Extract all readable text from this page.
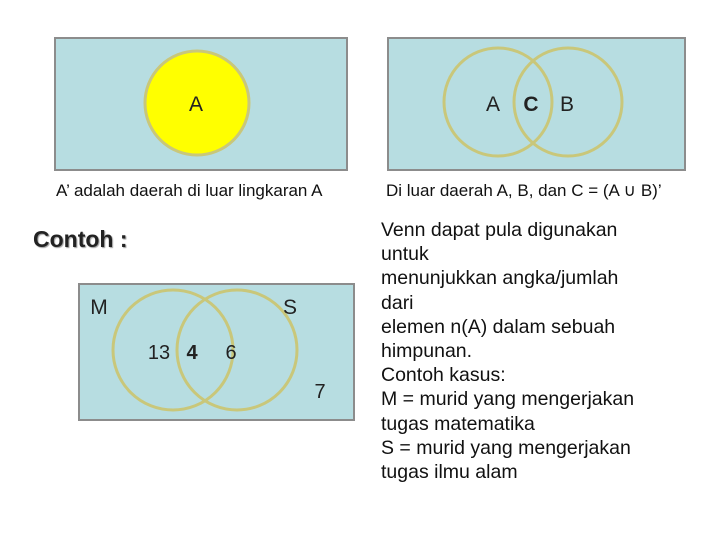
A	A C B
M	S
13 4 6
7
A’ adalah daerah di luar lingkaran A	Di luar daerah A, B, dan C = (A ∪ B)’
Contoh :	Venn dapat pula digunakan
untuk
menunjukkan angka/jumlah
dari
elemen n(A) dalam sebuah
himpunan.
Contoh kasus:
M = murid yang mengerjakan
tugas matematika
S = murid yang mengerjakan
tugas ilmu alam
